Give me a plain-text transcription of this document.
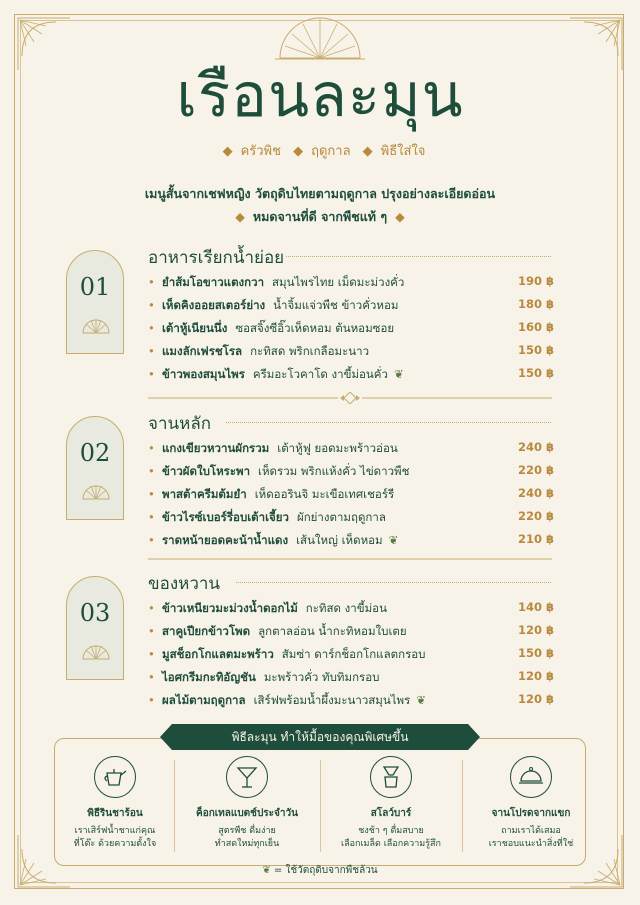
เรือนละมุน
◆ ครัวพิช ◆ ฤดูกาล ◆ พิธีใส่ใจ
เมนูสั้นจากเชฟหญิง วัตถุดิบไทยตามฤดูกาล ปรุงอย่างละเอียดอ่อน
◆ หมดจานที่ดี จากพืชแท้ ๆ ◆
01
อาหารเรียกน้ำย่อย
• ยำส้มโอขาวแตงกวา สมุนไพรไทย เม็ดมะม่วงคั่ว	190 ฿
• เห็ดคิงออยสเตอร์ย่าง น้ำจิ้มแจ่วพืช ข้าวคั่วหอม	180 ฿
• เต้าหู้เนียนนึ่ง ซอสจิ๊งซีอิ๊วเห็ดหอม ต้นหอมซอย	160 ฿
• แมงลักเฟรชโรล กะทิสด พริกเกลือมะนาว	150 ฿
• ข้าวพองสมุนไพร ครีมอะโวคาโด งาขี้ม่อนคั่ว ❦	150 ฿
02
จานหลัก
• แกงเขียวหวานผักรวม เต้าหู้ฟู ยอดมะพร้าวอ่อน	240 ฿
• ข้าวผัดใบโหระพา เห็ดรวม พริกแห้งคั่ว ไข่ดาวพืช	220 ฿
• พาสต้าครีมต้มยำ เห็ดออรินจิ มะเขือเทศเชอร์รี	240 ฿
• ข้าวไรซ์เบอร์รี่อบเต้าเจี้ยว ผักย่างตามฤดูกาล	220 ฿
• ราดหน้ายอดคะน้าน้ำแดง เส้นใหญ่ เห็ดหอม ❦	210 ฿
03
ของหวาน
• ข้าวเหนียวมะม่วงน้ำดอกไม้ กะทิสด งาขี้ม่อน	140 ฿
• สาคูเปียกข้าวโพด ลูกตาลอ่อน น้ำกะทิหอมใบเตย	120 ฿
• มูสช็อกโกแลตมะพร้าว สัมซ่า ดาร์กช็อกโกแลตกรอบ	150 ฿
• ไอศกรีมกะทิอัญชัน มะพร้าวคั่ว ทับทิมกรอบ	120 ฿
• ผลไม้ตามฤดูกาล เสิร์ฟพร้อมน้ำผึ้งมะนาวสมุนไพร ❦	120 ฿
พิธีละมุน ทำให้มื้อของคุณพิเศษขึ้น
พิธีรินชาร้อน
เราเสิร์ฟน้ำชาแก่คุณ
ที่โต๊ะ ด้วยความตั้งใจ
ค็อกเทลแบตช์ประจำวัน
สูตรพืช ดื่มง่าย
ทำสดใหม่ทุกเย็น
สโลว์บาร์
ชงช้า ๆ ดื่มสบาย
เลือกเมล็ด เลือกความรู้สึก
จานโปรดจากแขก
ถามเราได้เสมอ
เราชอบแนะนำสิ่งที่ใช่
❦ = ใช้วัตถุดิบจากพืชล้วน
